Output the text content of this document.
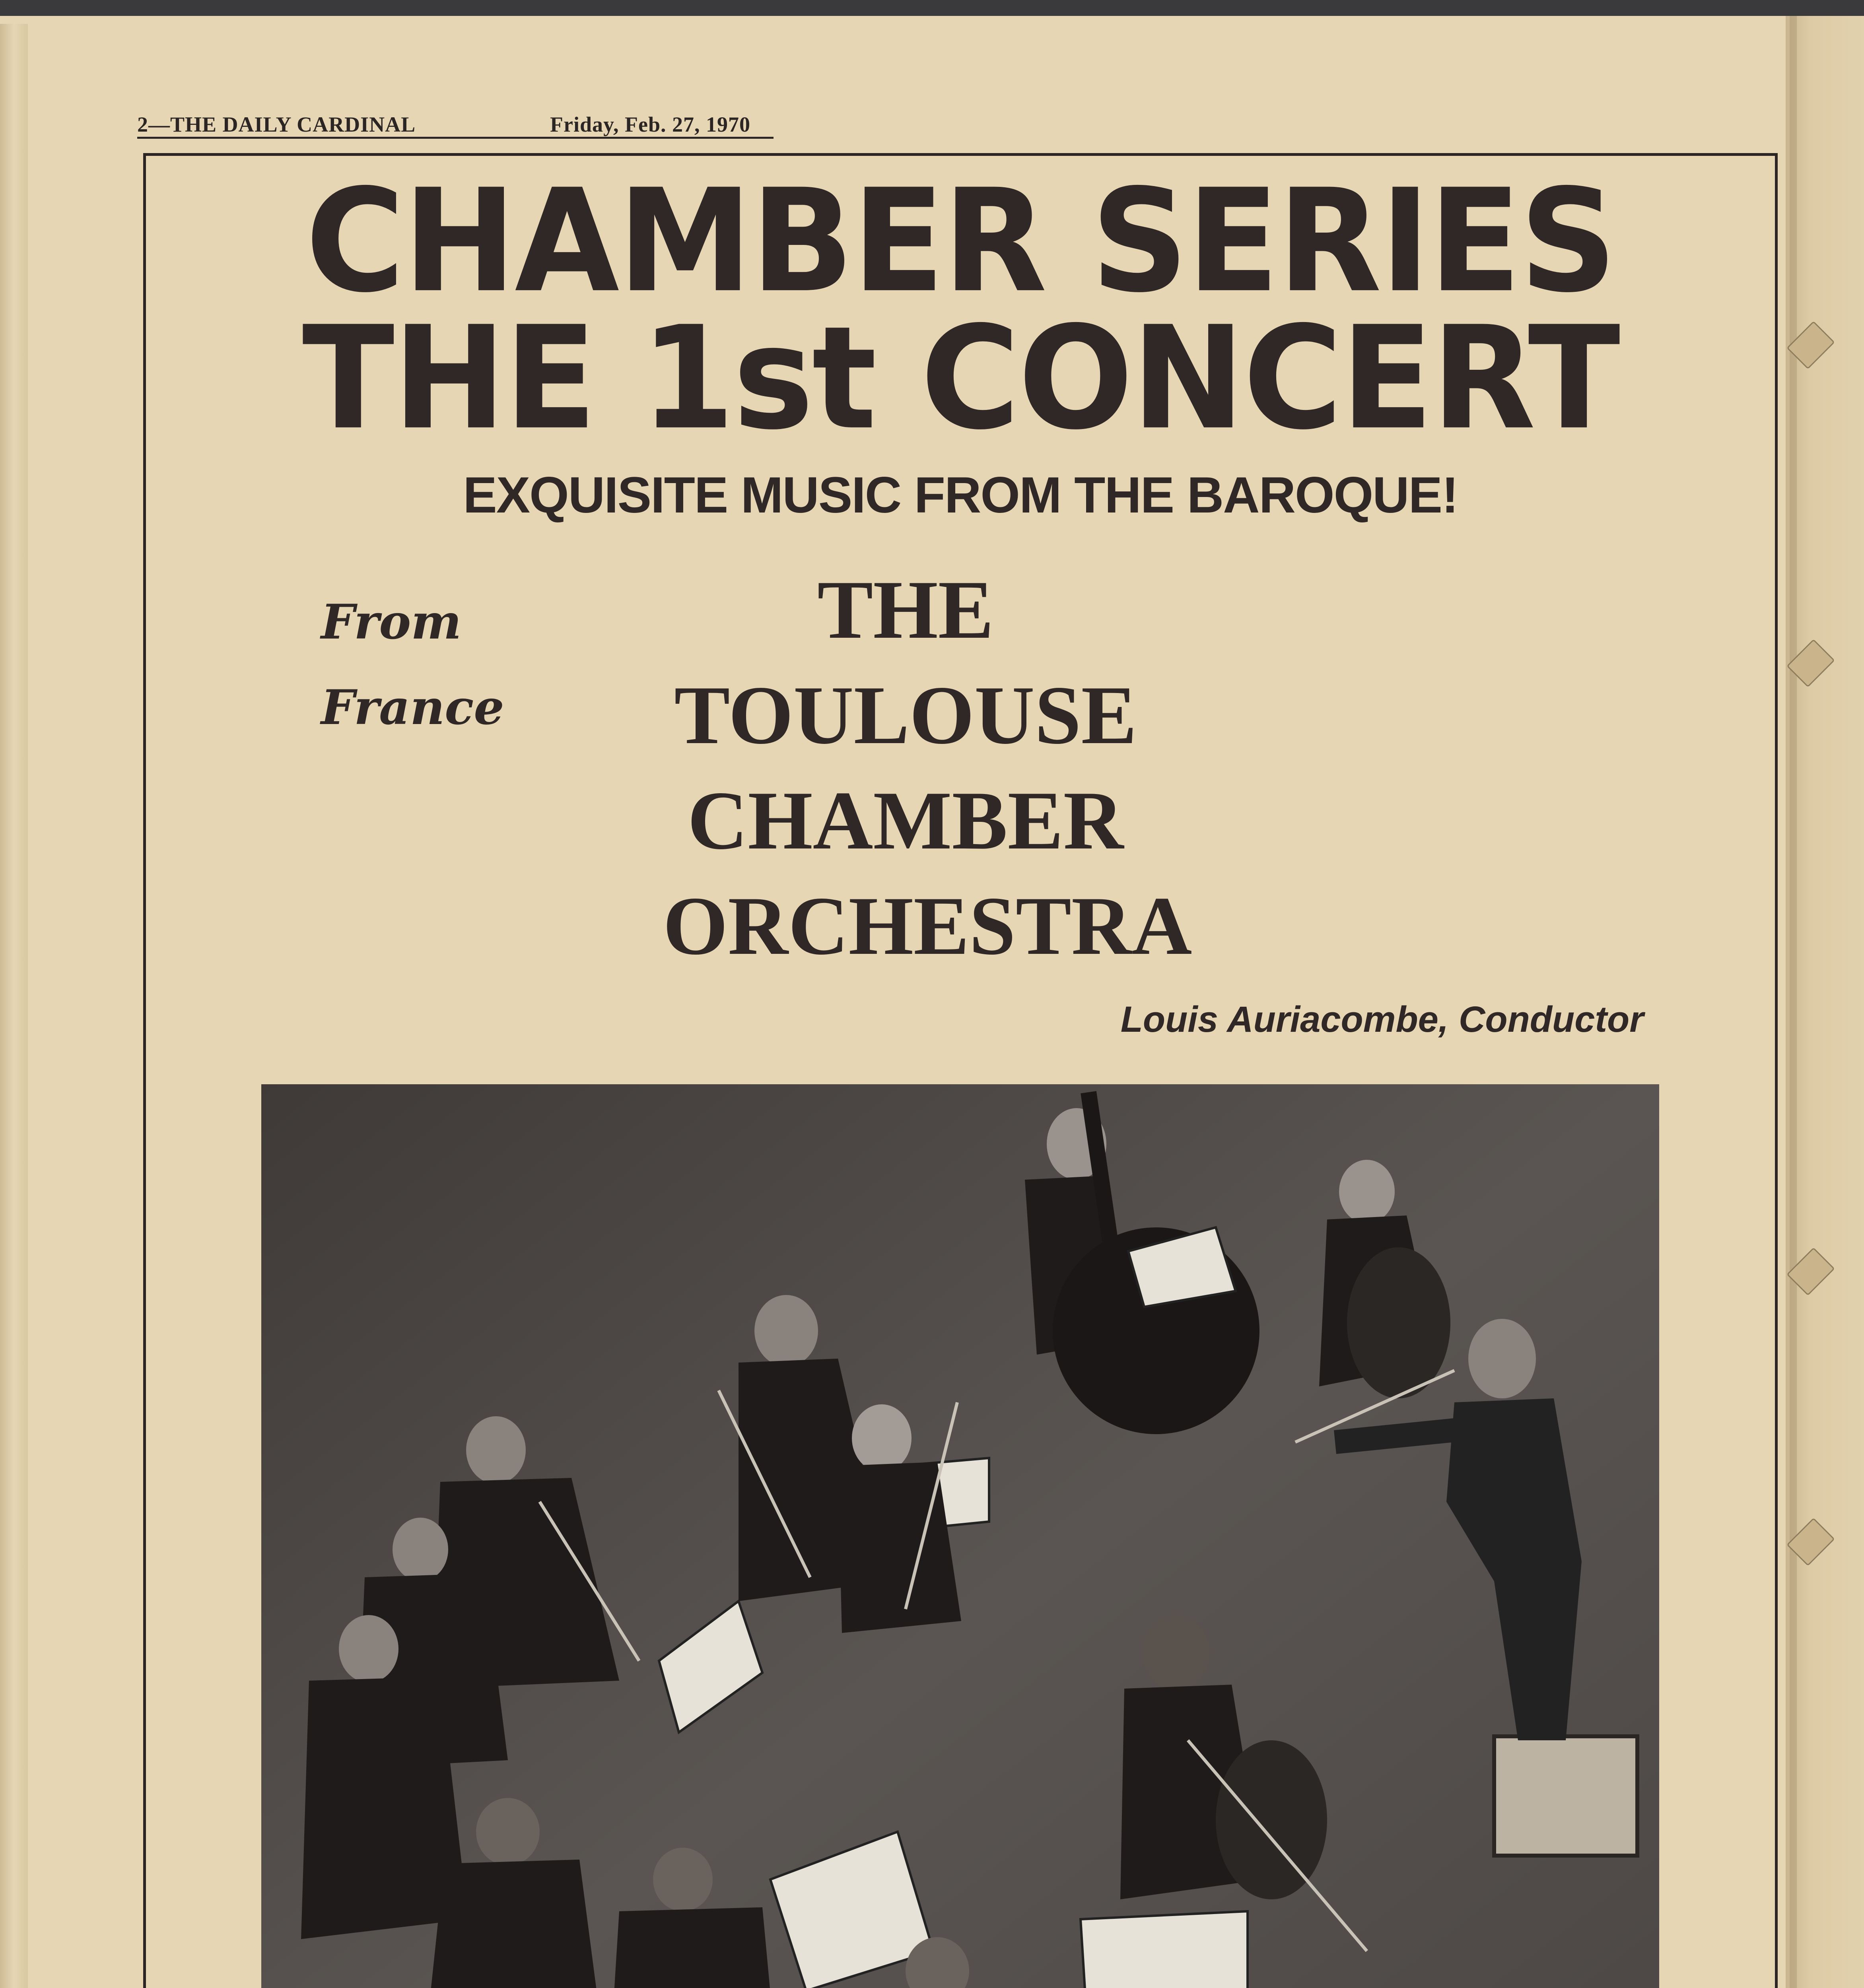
2—THE DAILY CARDINAL	Friday, Feb. 27, 1970
CHAMBER SERIES
THE 1st CONCERT
EXQUISITE MUSIC FROM THE BAROQUE!
From
France
THE
TOULOUSE
CHAMBER
ORCHESTRA
Louis Auriacombe, Conductor
